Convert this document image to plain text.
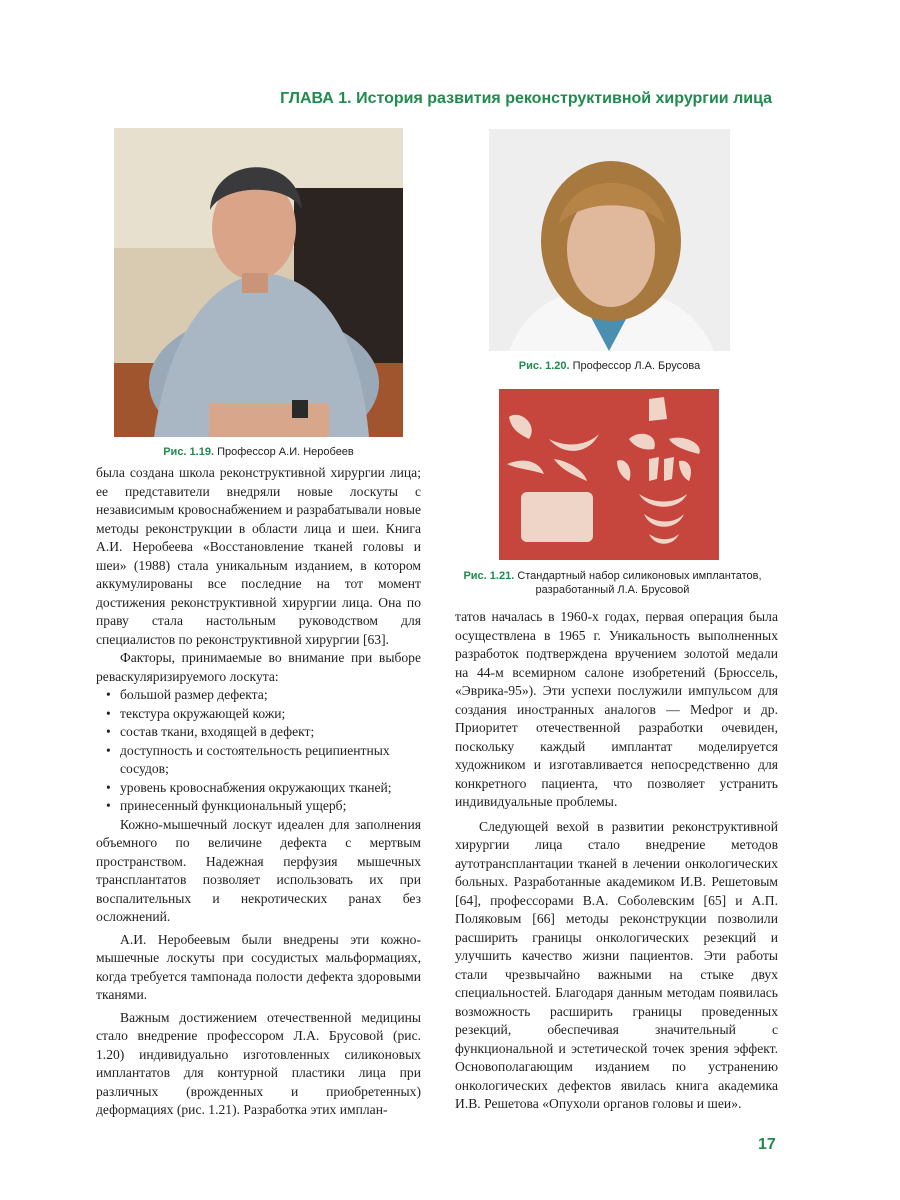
ГЛАВА 1. История развития реконструктивной хирургии лица
Рис. 1.19. Профессор А.И. Неробеев
Рис. 1.20. Профессор Л.А. Брусова
Рис. 1.21. Стандартный набор силиконовых имплантатов,
разработанный Л.А. Брусовой

была создана школа реконструктивной хирургии лица; ее представители внедряли новые лоскуты с независимым кровоснабжением и разрабатывали новые методы реконструкции в области лица и шеи. Книга А.И. Неробеева «Восстановление тканей головы и шеи» (1988) стала уникальным изданием, в котором аккумулированы все последние на тот момент достижения реконструктивной хирургии лица. Она по праву стала настольным руководством для специалистов по реконструктивной хирургии [63].

Факторы, принимаемые во внимание при выборе реваскуляризируемого лоскута:

• большой размер дефекта;
• текстура окружающей кожи;
• состав ткани, входящей в дефект;
• доступность и состоятельность реципиентных сосудов;
• уровень кровоснабжения окружающих тканей;
• принесенный функциональный ущерб;

Кожно-мышечный лоскут идеален для заполнения объемного по величине дефекта с мертвым пространством. Надежная перфузия мышечных трансплантатов позволяет использовать их при воспалительных и некротических ранах без осложнений.

А.И. Неробеевым были внедрены эти кожно-мышечные лоскуты при сосудистых мальформациях, когда требуется тампонада полости дефекта здоровыми тканями.

Важным достижением отечественной медицины стало внедрение профессором Л.А. Брусовой (рис. 1.20) индивидуально изготовленных силиконовых имплантатов для контурной пластики лица при различных (врожденных и приобретенных) деформациях (рис. 1.21). Разработка этих имплан-

татов началась в 1960-х годах, первая операция была осуществлена в 1965 г. Уникальность выполненных разработок подтверждена вручением золотой медали на 44-м всемирном салоне изобретений (Брюссель, «Эврика-95»). Эти успехи послужили импульсом для создания иностранных аналогов — Medpor и др. Приоритет отечественной разработки очевиден, поскольку каждый имплантат моделируется художником и изготавливается непосредственно для конкретного пациента, что позволяет устранить индивидуальные проблемы.

Следующей вехой в развитии реконструктивной хирургии лица стало внедрение методов аутотрансплантации тканей в лечении онкологических больных. Разработанные академиком И.В. Решетовым [64], профессорами В.А. Соболевским [65] и А.П. Поляковым [66] методы реконструкции позволили расширить границы онкологических резекций и улучшить качество жизни пациентов. Эти работы стали чрезвычайно важными на стыке двух специальностей. Благодаря данным методам появилась возможность расширить границы проведенных резекций, обеспечивая значительный с функциональной и эстетической точек зрения эффект. Основополагающим изданием по устранению онкологических дефектов явилась книга академика И.В. Решетова «Опухоли органов головы и шеи».

17
